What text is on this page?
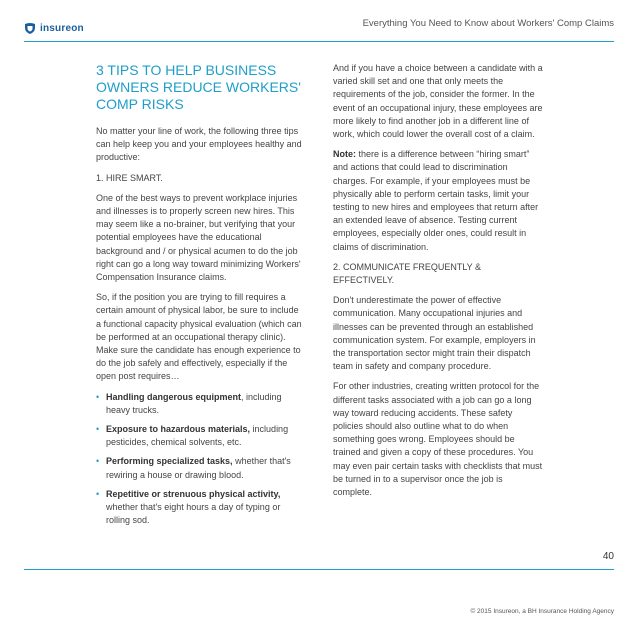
insureon	Everything You Need to Know about Workers' Comp Claims
3 TIPS TO HELP BUSINESS
OWNERS REDUCE WORKERS'
COMP RISKS

No matter your line of work, the following three tips can help keep you and your employees healthy and productive:

1. HIRE SMART.

One of the best ways to prevent workplace injuries and illnesses is to properly screen new hires. This may seem like a no-brainer, but verifying that your potential employees have the educational background and / or physical acumen to do the job right can go a long way toward minimizing Workers' Compensation Insurance claims.

So, if the position you are trying to fill requires a certain amount of physical labor, be sure to include a functional capacity physical evaluation (which can be performed at an occupational therapy clinic). Make sure the candidate has enough experience to do the job safely and effectively, especially if the open post requires…

• Handling dangerous equipment, including heavy trucks.
• Exposure to hazardous materials, including pesticides, chemical solvents, etc.
• Performing specialized tasks, whether that's rewiring a house or drawing blood.
• Repetitive or strenuous physical activity, whether that's eight hours a day of typing or rolling sod.

And if you have a choice between a candidate with a varied skill set and one that only meets the requirements of the job, consider the former. In the event of an occupational injury, these employees are more likely to find another job in a different line of work, which could lower the overall cost of a claim.

Note: there is a difference between “hiring smart” and actions that could lead to discrimination charges. For example, if your employees must be physically able to perform certain tasks, limit your testing to new hires and employees that return after an extended leave of absence. Testing current employees, especially older ones, could result in claims of discrimination.

2. COMMUNICATE FREQUENTLY & EFFECTIVELY.

Don't underestimate the power of effective communication. Many occupational injuries and illnesses can be prevented through an established communication system. For example, employers in the transportation sector might train their dispatch team in safety and company procedure.

For other industries, creating written protocol for the different tasks associated with a job can go a long way toward reducing accidents. These safety policies should also outline what to do when something goes wrong. Employees should be trained and given a copy of these procedures. You may even pair certain tasks with checklists that must be turned in to a supervisor once the job is complete.

40
© 2015 Insureon, a BH Insurance Holding Agency
